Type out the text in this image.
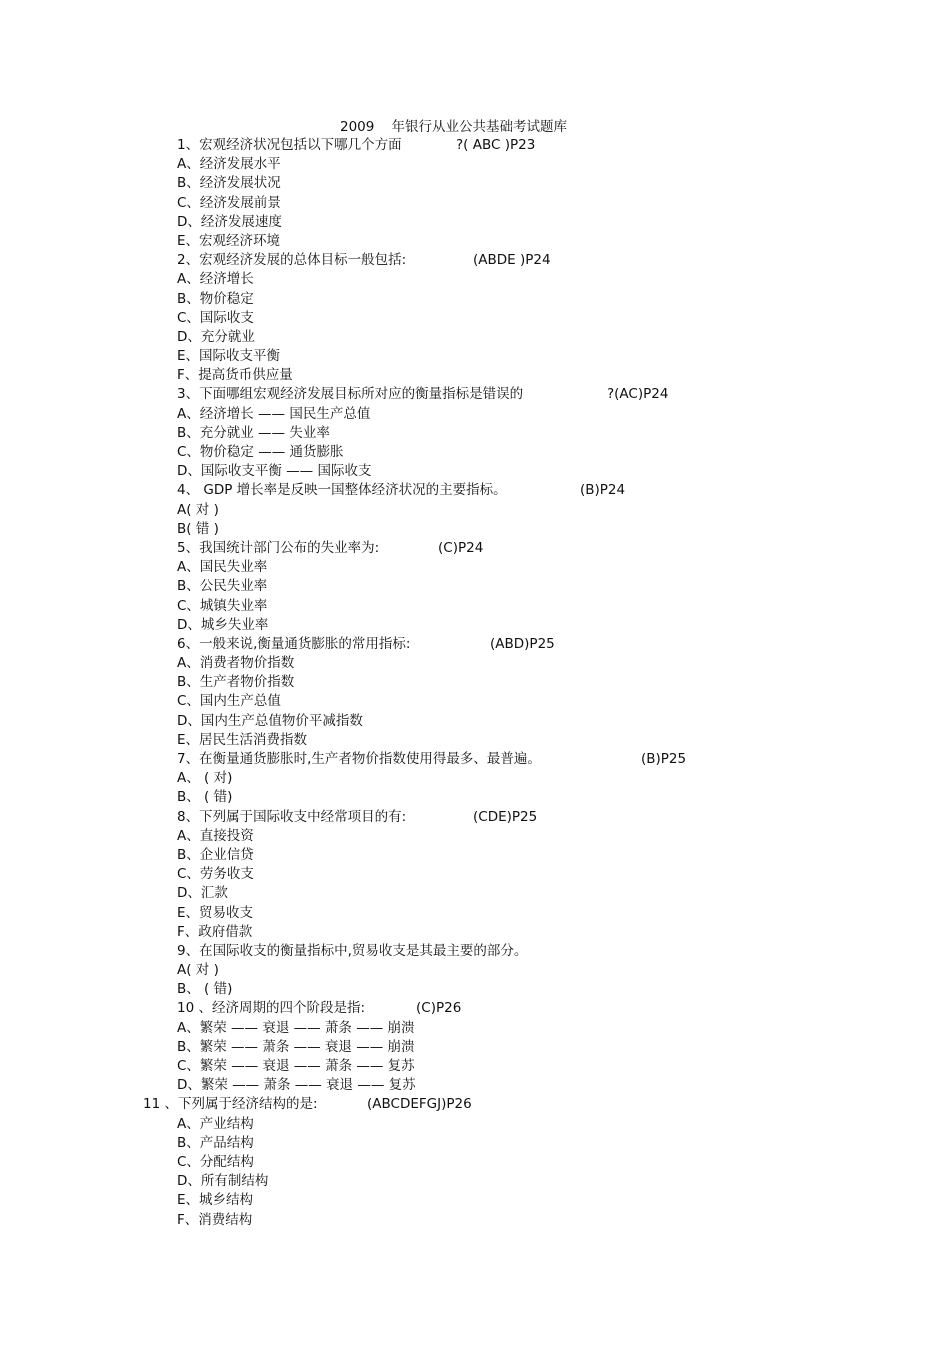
2009    年银行从业公共基础考试题库
1、宏观经济状况包括以下哪几个方面	?( ABC )P23
A、经济发展水平
B、经济发展状况
C、经济发展前景
D、经济发展速度
E、宏观经济环境
2、宏观经济发展的总体目标一般包括:	(ABDE )P24
A、经济增长
B、物价稳定
C、国际收支
D、充分就业
E、国际收支平衡
F、提高货币供应量
3、下面哪组宏观经济发展目标所对应的衡量指标是错误的	?(AC)P24
A、经济增长 —— 国民生产总值
B、充分就业 —— 失业率
C、物价稳定 —— 通货膨胀
D、国际收支平衡 —— 国际收支
4、 GDP 增长率是反映一国整体经济状况的主要指标。	(B)P24
A( 对 )
B( 错 )
5、我国统计部门公布的失业率为:	(C)P24
A、国民失业率
B、公民失业率
C、城镇失业率
D、城乡失业率
6、一般来说,衡量通货膨胀的常用指标:	(ABD)P25
A、消费者物价指数
B、生产者物价指数
C、国内生产总值
D、国内生产总值物价平减指数
E、居民生活消费指数
7、在衡量通货膨胀时,生产者物价指数使用得最多、最普遍。	(B)P25
A、 ( 对)
B、 ( 错)
8、下列属于国际收支中经常项目的有:	(CDE)P25
A、直接投资
B、企业信贷
C、劳务收支
D、汇款
E、贸易收支
F、政府借款
9、在国际收支的衡量指标中,贸易收支是其最主要的部分。
A( 对 )
B、 ( 错)
10 、经济周期的四个阶段是指:	(C)P26
A、繁荣 —— 衰退 —— 萧条 —— 崩溃
B、繁荣 —— 萧条 —— 衰退 —— 崩溃
C、繁荣 —— 衰退 —— 萧条 —— 复苏
D、繁荣 —— 萧条 —— 衰退 —— 复苏
11 、下列属于经济结构的是:	(ABCDEFGJ)P26
A、产业结构
B、产品结构
C、分配结构
D、所有制结构
E、城乡结构
F、消费结构
